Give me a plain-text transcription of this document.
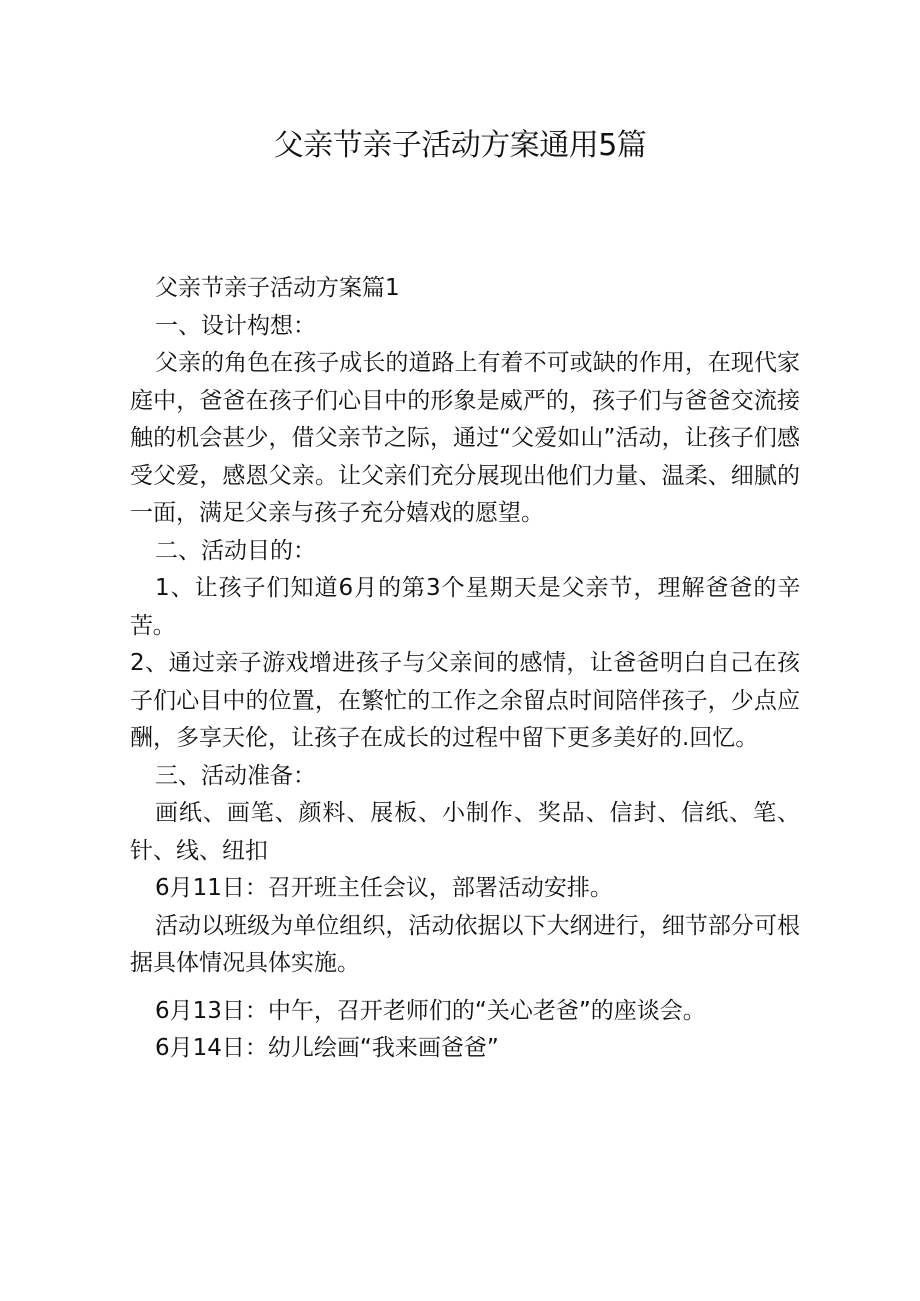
父亲节亲子活动方案通用5篇

父亲节亲子活动方案篇1

一、设计构想：

父亲的角色在孩子成长的道路上有着不可或缺的作用，在现代家庭中，爸爸在孩子们心目中的形象是威严的，孩子们与爸爸交流接触的机会甚少，借父亲节之际，通过“父爱如山”活动，让孩子们感受父爱，感恩父亲。让父亲们充分展现出他们力量、温柔、细腻的一面，满足父亲与孩子充分嬉戏的愿望。

二、活动目的：

1、让孩子们知道6月的第3个星期天是父亲节，理解爸爸的辛苦。

2、通过亲子游戏增进孩子与父亲间的感情，让爸爸明白自己在孩子们心目中的位置，在繁忙的工作之余留点时间陪伴孩子，少点应酬，多享天伦，让孩子在成长的过程中留下更多美好的.回忆。

三、活动准备：

画纸、画笔、颜料、展板、小制作、奖品、信封、信纸、笔、针、线、纽扣

6月11日：召开班主任会议，部署活动安排。

活动以班级为单位组织，活动依据以下大纲进行，细节部分可根据具体情况具体实施。

6月13日：中午，召开老师们的“关心老爸”的座谈会。

6月14日：幼儿绘画“我来画爸爸”
